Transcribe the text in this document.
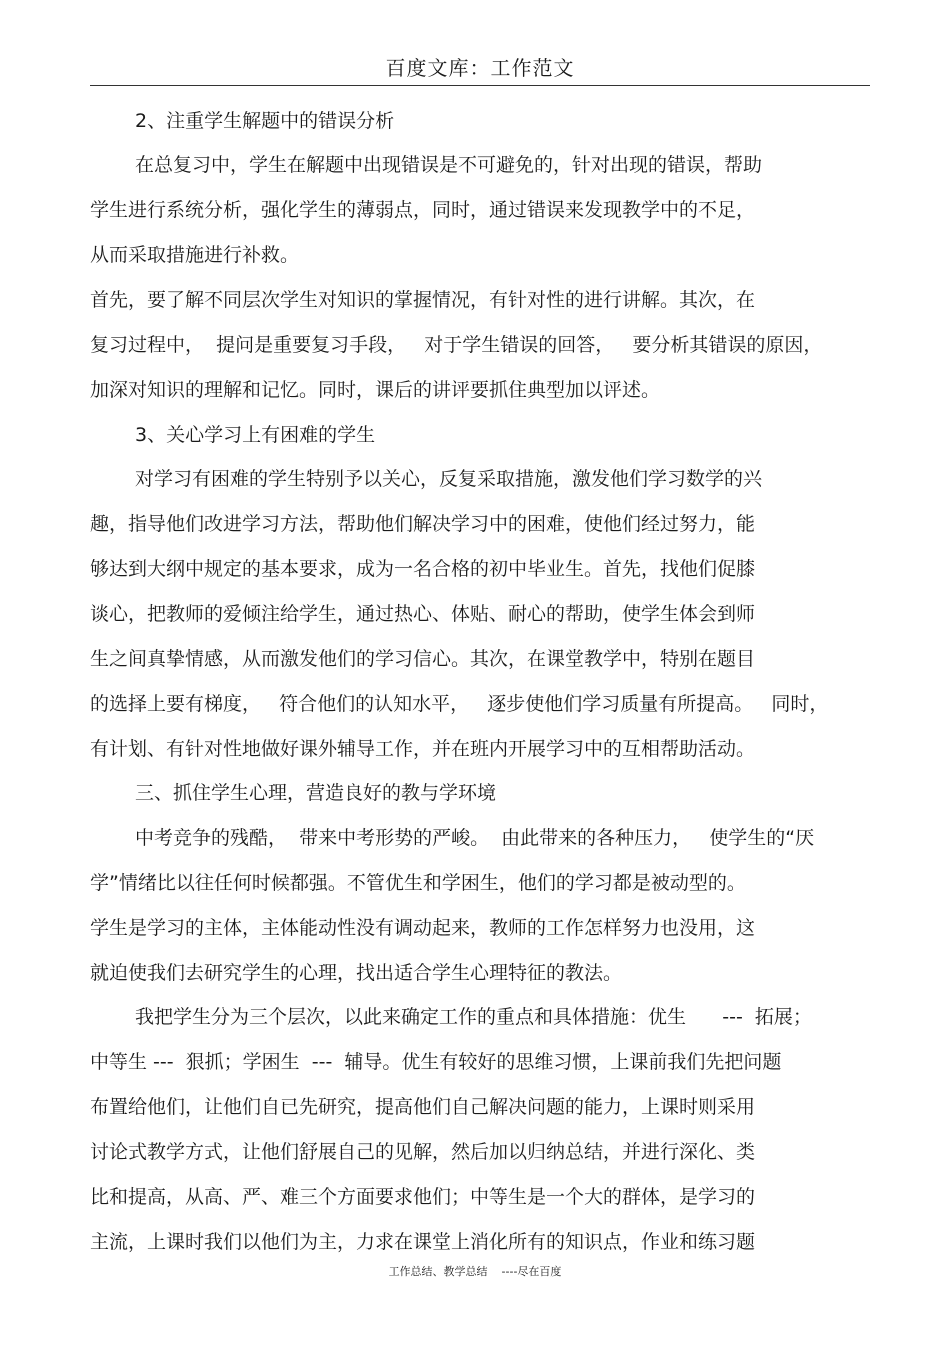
百度文库：工作范文
2、注重学生解题中的错误分析
在总复习中，学生在解题中出现错误是不可避免的，针对出现的错误，帮助
学生进行系统分析，强化学生的薄弱点，同时，通过错误来发现教学中的不足，
从而采取措施进行补救。
首先，要了解不同层次学生对知识的掌握情况，有针对性的进行讲解。其次，在
复习过程中，  提问是重要复习手段，   对于学生错误的回答，   要分析其错误的原因，
加深对知识的理解和记忆。同时，课后的讲评要抓住典型加以评述。
3、关心学习上有困难的学生
对学习有困难的学生特别予以关心，反复采取措施，激发他们学习数学的兴
趣，指导他们改进学习方法，帮助他们解决学习中的困难，使他们经过努力，能
够达到大纲中规定的基本要求，成为一名合格的初中毕业生。首先，找他们促膝
谈心，把教师的爱倾注给学生，通过热心、体贴、耐心的帮助，使学生体会到师
生之间真挚情感，从而激发他们的学习信心。其次，在课堂教学中，特别在题目
的选择上要有梯度，   符合他们的认知水平，   逐步使他们学习质量有所提高。   同时，
有计划、有针对性地做好课外辅导工作，并在班内开展学习中的互相帮助活动。
三、抓住学生心理，营造良好的教与学环境
中考竞争的残酷，  带来中考形势的严峻。  由此带来的各种压力，   使学生的“厌
学”情绪比以往任何时候都强。不管优生和学困生，他们的学习都是被动型的。
学生是学习的主体，主体能动性没有调动起来，教师的工作怎样努力也没用，这
就迫使我们去研究学生的心理，找出适合学生心理特征的教法。
我把学生分为三个层次，以此来确定工作的重点和具体措施：优生      ---  拓展；
中等生 ---  狠抓；学困生  ---  辅导。优生有较好的思维习惯，上课前我们先把问题
布置给他们，让他们自已先研究，提高他们自己解决问题的能力，上课时则采用
讨论式教学方式，让他们舒展自己的见解，然后加以归纳总结，并进行深化、类
比和提高，从高、严、难三个方面要求他们；中等生是一个大的群体，是学习的
主流，上课时我们以他们为主，力求在课堂上消化所有的知识点，作业和练习题
工作总结、教学总结    ----尽在百度
